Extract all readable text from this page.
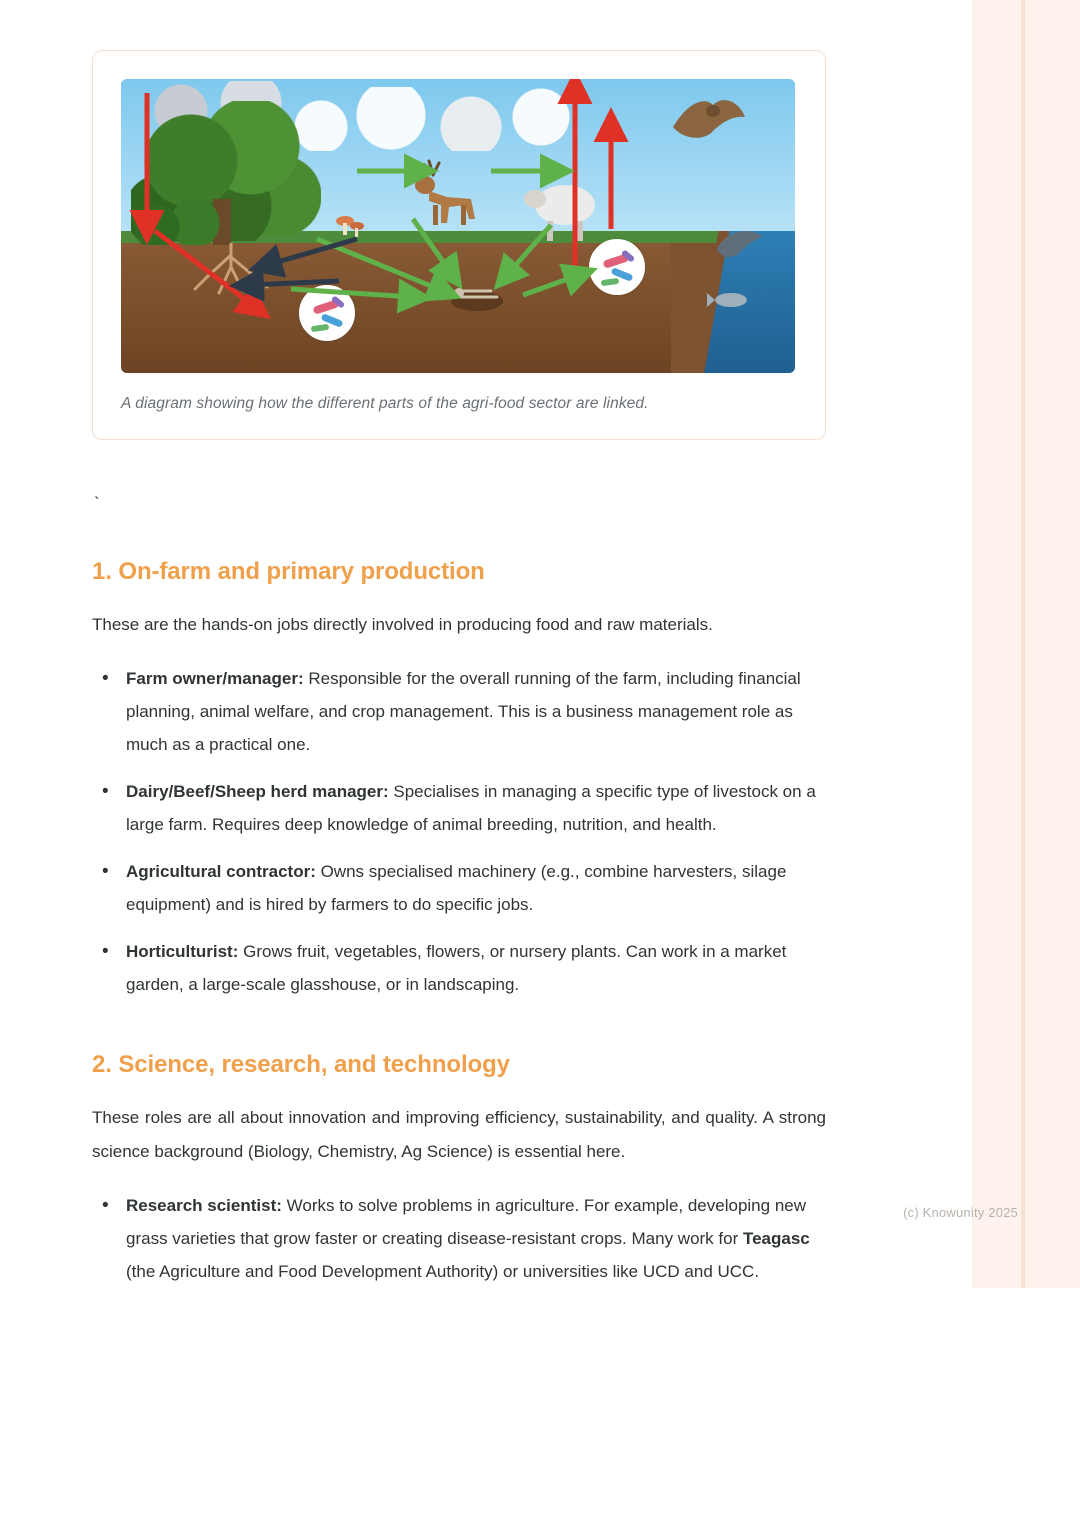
A diagram showing how the different parts of the agri-food sector are linked.
`
1. On-farm and primary production

These are the hands-on jobs directly involved in producing food and raw materials.

• Farm owner/manager: Responsible for the overall running of the farm, including financial planning, animal welfare, and crop management. This is a business management role as much as a practical one.
• Dairy/Beef/Sheep herd manager: Specialises in managing a specific type of livestock on a large farm. Requires deep knowledge of animal breeding, nutrition, and health.
• Agricultural contractor: Owns specialised machinery (e.g., combine harvesters, silage equipment) and is hired by farmers to do specific jobs.
• Horticulturist: Grows fruit, vegetables, flowers, or nursery plants. Can work in a market garden, a large-scale glasshouse, or in landscaping.
2. Science, research, and technology

These roles are all about innovation and improving efficiency, sustainability, and quality. A strong science background (Biology, Chemistry, Ag Science) is essential here.

• Research scientist: Works to solve problems in agriculture. For example, developing new grass varieties that grow faster or creating disease-resistant crops. Many work for Teagasc (the Agriculture and Food Development Authority) or universities like UCD and UCC.
(c) Knowunity 2025
